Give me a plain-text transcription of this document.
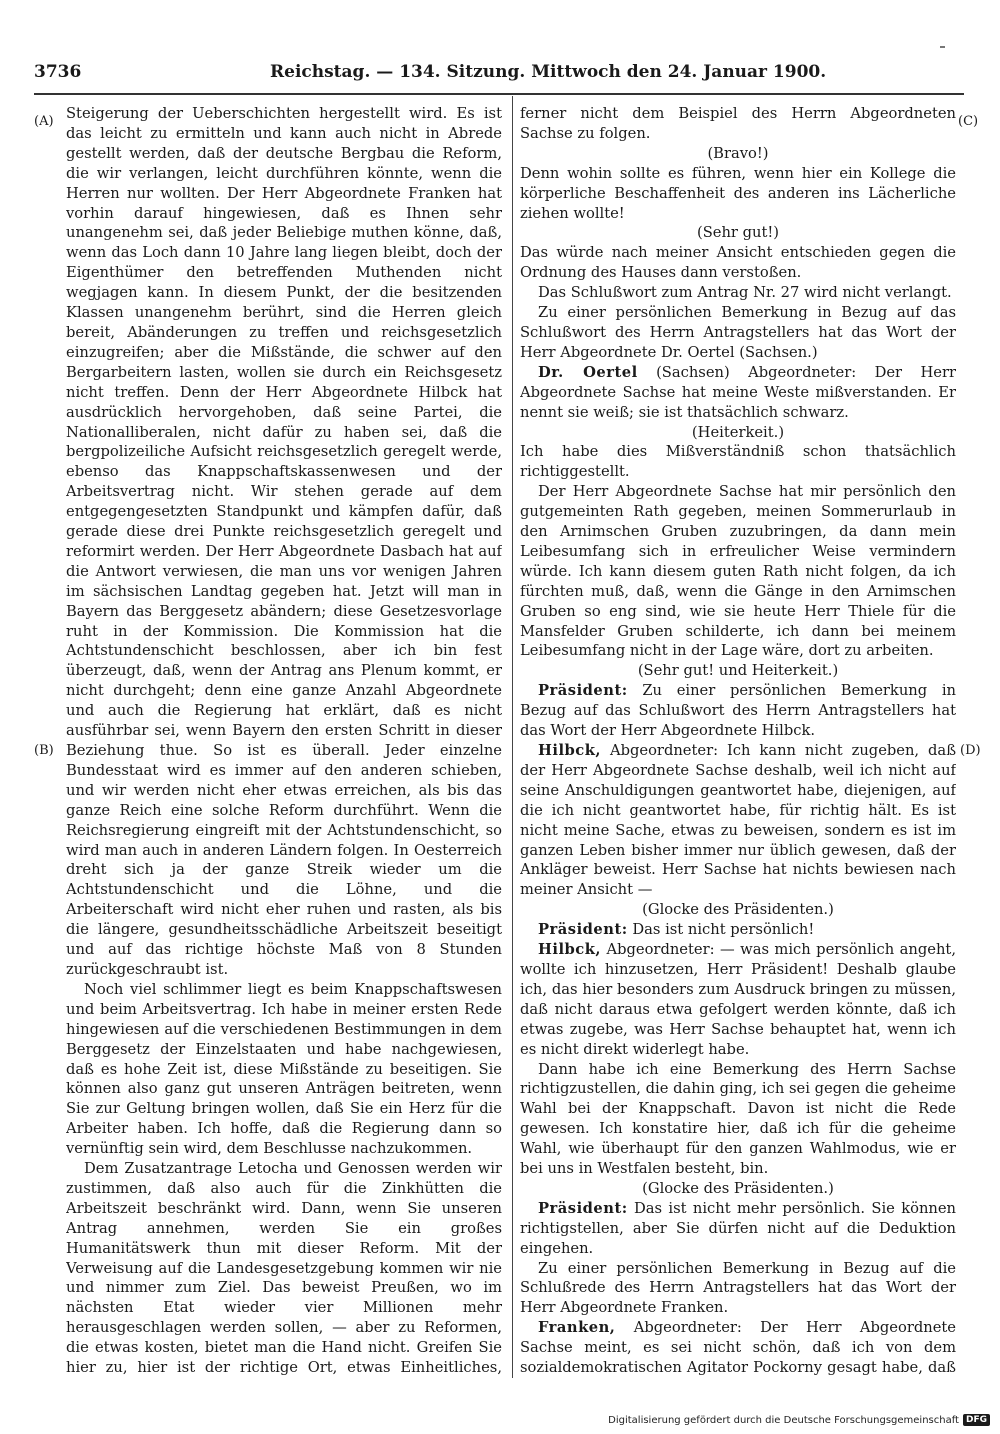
3736	Reichstag. — 134. Sitzung. Mittwoch den 24. Januar 1900.
(A)
(B)
(C)
(D)

Steigerung der Ueberschichten hergestellt wird. Es ist das leicht zu ermitteln und kann auch nicht in Abrede gestellt werden, daß der deutsche Bergbau die Reform, die wir verlangen, leicht durchführen könnte, wenn die Herren nur wollten. Der Herr Abgeordnete Franken hat vorhin darauf hingewiesen, daß es Ihnen sehr unangenehm sei, daß jeder Beliebige muthen könne, daß, wenn das Loch dann 10 Jahre lang liegen bleibt, doch der Eigenthümer den betreffenden Muthenden nicht wegjagen kann. In diesem Punkt, der die besitzenden Klassen unangenehm berührt, sind die Herren gleich bereit, Abänderungen zu treffen und reichsgesetzlich einzugreifen; aber die Mißstände, die schwer auf den Bergarbeitern lasten, wollen sie durch ein Reichsgesetz nicht treffen. Denn der Herr Abgeordnete Hilbck hat ausdrücklich hervorgehoben, daß seine Partei, die Nationalliberalen, nicht dafür zu haben sei, daß die bergpolizeiliche Aufsicht reichsgesetzlich geregelt werde, ebenso das Knappschaftskassenwesen und der Arbeitsvertrag nicht. Wir stehen gerade auf dem entgegengesetzten Standpunkt und kämpfen dafür, daß gerade diese drei Punkte reichsgesetzlich geregelt und reformirt werden. Der Herr Abgeordnete Dasbach hat auf die Antwort verwiesen, die man uns vor wenigen Jahren im sächsischen Landtag gegeben hat. Jetzt will man in Bayern das Berggesetz abändern; diese Gesetzesvorlage ruht in der Kommission. Die Kommission hat die Achtstundenschicht beschlossen, aber ich bin fest überzeugt, daß, wenn der Antrag ans Plenum kommt, er nicht durchgeht; denn eine ganze Anzahl Abgeordnete und auch die Regierung hat erklärt, daß es nicht ausführbar sei, wenn Bayern den ersten Schritt in dieser Beziehung thue. So ist es überall. Jeder einzelne Bundesstaat wird es immer auf den anderen schieben, und wir werden nicht eher etwas erreichen, als bis das ganze Reich eine solche Reform durchführt. Wenn die Reichsregierung eingreift mit der Achtstundenschicht, so wird man auch in anderen Ländern folgen. In Oesterreich dreht sich ja der ganze Streik wieder um die Achtstundenschicht und die Löhne, und die Arbeiterschaft wird nicht eher ruhen und rasten, als bis die längere, gesundheitsschädliche Arbeitszeit beseitigt und auf das richtige höchste Maß von 8 Stunden zurückgeschraubt ist.

Noch viel schlimmer liegt es beim Knappschaftswesen und beim Arbeitsvertrag. Ich habe in meiner ersten Rede hingewiesen auf die verschiedenen Bestimmungen in dem Berggesetz der Einzelstaaten und habe nachgewiesen, daß es hohe Zeit ist, diese Mißstände zu beseitigen. Sie können also ganz gut unseren Anträgen beitreten, wenn Sie zur Geltung bringen wollen, daß Sie ein Herz für die Arbeiter haben. Ich hoffe, daß die Regierung dann so vernünftig sein wird, dem Beschlusse nachzukommen.

Dem Zusatzantrage Letocha und Genossen werden wir zustimmen, daß also auch für die Zinkhütten die Arbeitszeit beschränkt wird. Dann, wenn Sie unseren Antrag annehmen, werden Sie ein großes Humanitätswerk thun mit dieser Reform. Mit der Verweisung auf die Landesgesetzgebung kommen wir nie und nimmer zum Ziel. Das beweist Preußen, wo im nächsten Etat wieder vier Millionen mehr herausgeschlagen werden sollen, — aber zu Reformen, die etwas kosten, bietet man die Hand nicht. Greifen Sie hier zu, hier ist der richtige Ort, etwas Einheitliches,

ferner nicht dem Beispiel des Herrn Abgeordneten Sachse zu folgen.

(Bravo!)

Denn wohin sollte es führen, wenn hier ein Kollege die körperliche Beschaffenheit des anderen ins Lächerliche ziehen wollte!

(Sehr gut!)

Das würde nach meiner Ansicht entschieden gegen die Ordnung des Hauses dann verstoßen.

Das Schlußwort zum Antrag Nr. 27 wird nicht verlangt.

Zu einer persönlichen Bemerkung in Bezug auf das Schlußwort des Herrn Antragstellers hat das Wort der Herr Abgeordnete Dr. Oertel (Sachsen.)

Dr. Oertel (Sachsen) Abgeordneter: Der Herr Abgeordnete Sachse hat meine Weste mißverstanden. Er nennt sie weiß; sie ist thatsächlich schwarz.

(Heiterkeit.)

Ich habe dies Mißverständniß schon thatsächlich richtiggestellt.

Der Herr Abgeordnete Sachse hat mir persönlich den gutgemeinten Rath gegeben, meinen Sommerurlaub in den Arnimschen Gruben zuzubringen, da dann mein Leibesumfang sich in erfreulicher Weise vermindern würde. Ich kann diesem guten Rath nicht folgen, da ich fürchten muß, daß, wenn die Gänge in den Arnimschen Gruben so eng sind, wie sie heute Herr Thiele für die Mansfelder Gruben schilderte, ich dann bei meinem Leibesumfang nicht in der Lage wäre, dort zu arbeiten.

(Sehr gut! und Heiterkeit.)

Präsident: Zu einer persönlichen Bemerkung in Bezug auf das Schlußwort des Herrn Antragstellers hat das Wort der Herr Abgeordnete Hilbck.

Hilbck, Abgeordneter: Ich kann nicht zugeben, daß der Herr Abgeordnete Sachse deshalb, weil ich nicht auf seine Anschuldigungen geantwortet habe, diejenigen, auf die ich nicht geantwortet habe, für richtig hält. Es ist nicht meine Sache, etwas zu beweisen, sondern es ist im ganzen Leben bisher immer nur üblich gewesen, daß der Ankläger beweist. Herr Sachse hat nichts bewiesen nach meiner Ansicht —

(Glocke des Präsidenten.)

Präsident: Das ist nicht persönlich!

Hilbck, Abgeordneter: — was mich persönlich angeht, wollte ich hinzusetzen, Herr Präsident! Deshalb glaube ich, das hier besonders zum Ausdruck bringen zu müssen, daß nicht daraus etwa gefolgert werden könnte, daß ich etwas zugebe, was Herr Sachse behauptet hat, wenn ich es nicht direkt widerlegt habe.

Dann habe ich eine Bemerkung des Herrn Sachse richtigzustellen, die dahin ging, ich sei gegen die geheime Wahl bei der Knappschaft. Davon ist nicht die Rede gewesen. Ich konstatire hier, daß ich für die geheime Wahl, wie überhaupt für den ganzen Wahlmodus, wie er bei uns in Westfalen besteht, bin.

(Glocke des Präsidenten.)

Präsident: Das ist nicht mehr persönlich. Sie können richtigstellen, aber Sie dürfen nicht auf die Deduktion eingehen.

Zu einer persönlichen Bemerkung in Bezug auf die Schlußrede des Herrn Antragstellers hat das Wort der Herr Abgeordnete Franken.

Franken, Abgeordneter: Der Herr Abgeordnete Sachse meint, es sei nicht schön, daß ich von dem sozialdemokratischen Agitator Pockorny gesagt habe, daß

Digitalisierung gefördert durch die Deutsche Forschungsgemeinschaft DFG
